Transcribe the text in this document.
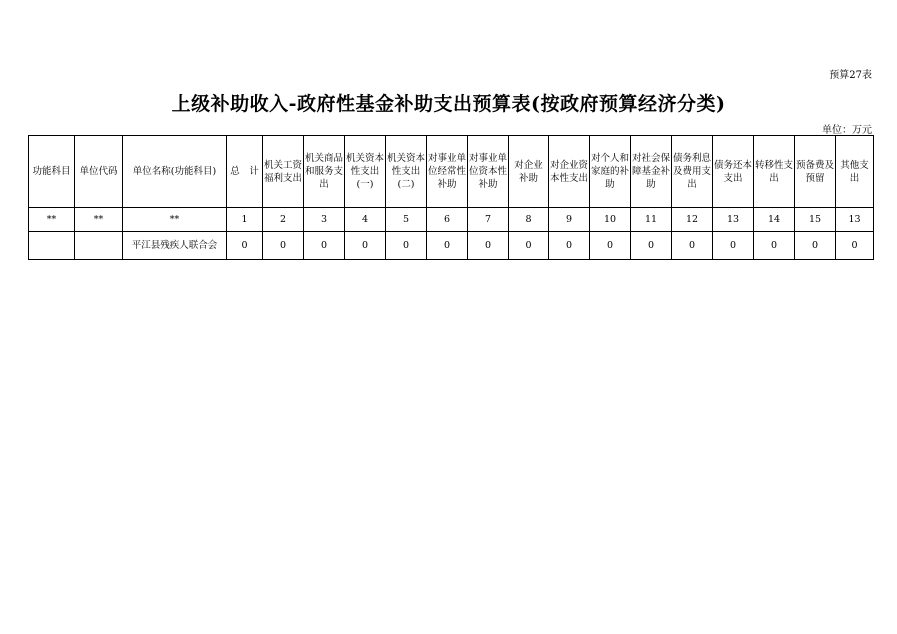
预算27表
上级补助收入-政府性基金补助支出预算表(按政府预算经济分类)
单位：万元
功能科目	单位代码	单位名称(功能科目)	总　计	机关工资福利支出	机关商品和服务支出	机关资本性支出(一)	机关资本性支出(二)	对事业单位经常性补助	对事业单位资本性补助	对企业补助	对企业资本性支出	对个人和家庭的补助	对社会保障基金补助	债务利息及费用支出	债务还本支出	转移性支出	预备费及预留	其他支出
**	**	**	1	2	3	4	5	6	7	8	9	10	11	12	13	14	15	13
		平江县残疾人联合会	0	0	0	0	0	0	0	0	0	0	0	0	0	0	0	0
